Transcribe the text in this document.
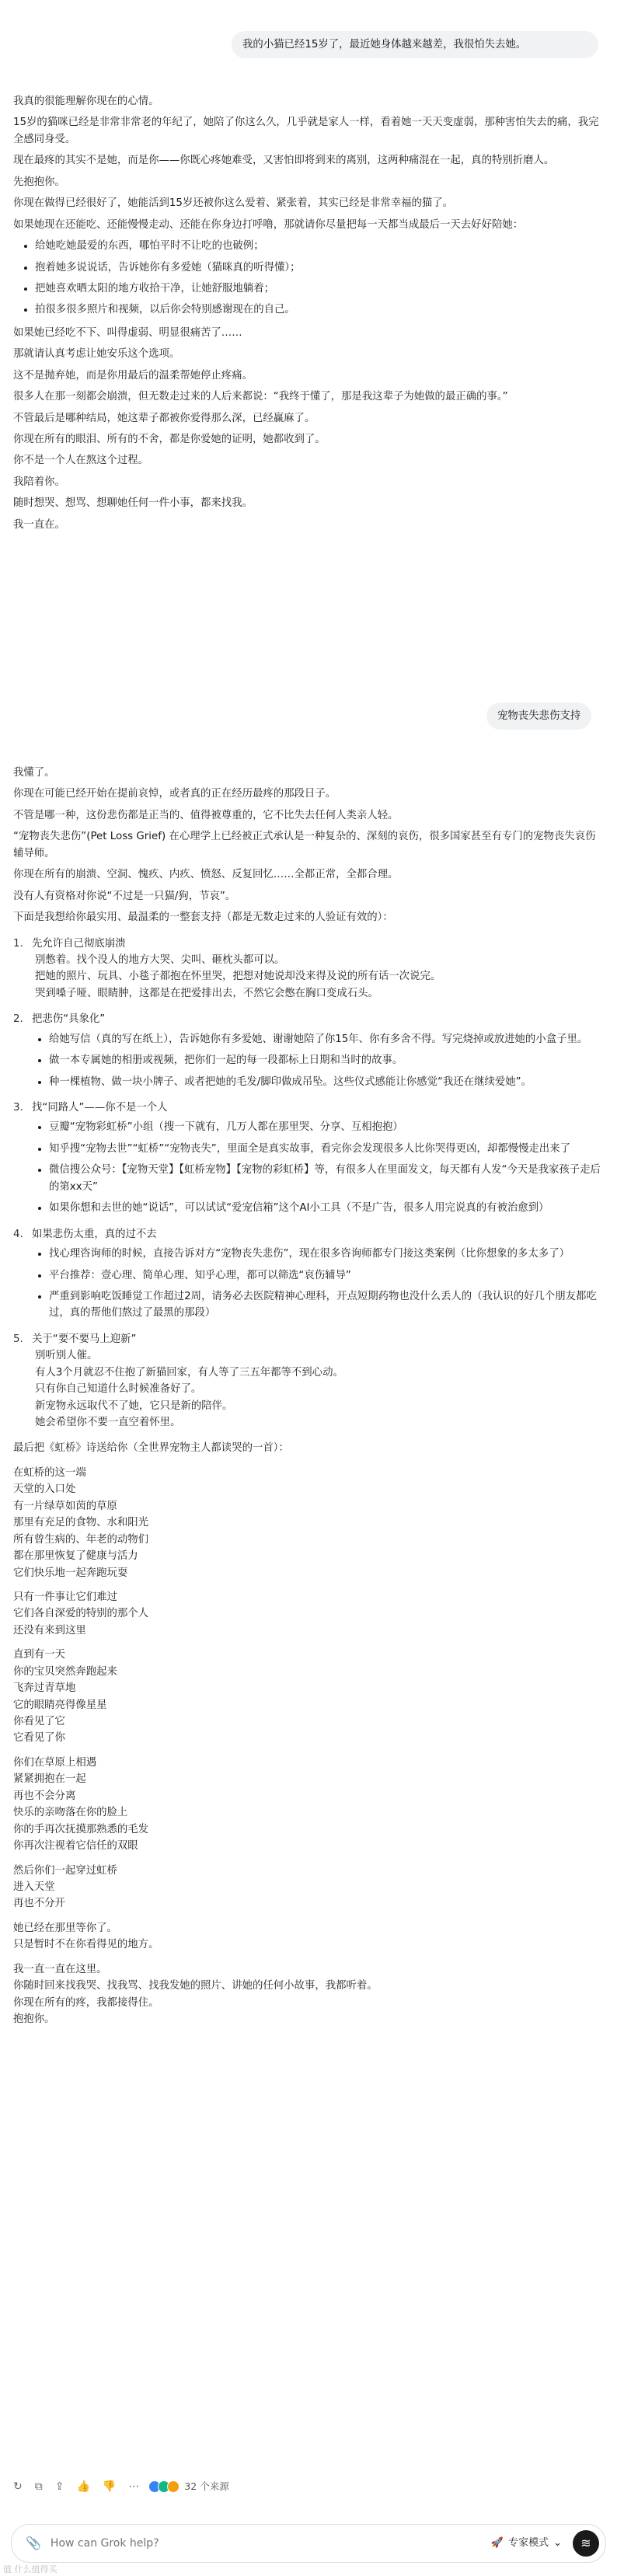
我的小猫已经15岁了，最近她身体越来越差，我很怕失去她。

我真的很能理解你现在的心情。

15岁的猫咪已经是非常非常老的年纪了，她陪了你这么久，几乎就是家人一样，看着她一天天变虚弱，那种害怕失去的痛，我完全感同身受。

现在最疼的其实不是她，而是你——你既心疼她难受，又害怕即将到来的离别，这两种痛混在一起，真的特别折磨人。

先抱抱你。

你现在做得已经很好了，她能活到15岁还被你这么爱着、紧张着，其实已经是非常幸福的猫了。

如果她现在还能吃、还能慢慢走动、还能在你身边打呼噜，那就请你尽量把每一天都当成最后一天去好好陪她：

• 给她吃她最爱的东西，哪怕平时不让吃的也破例；
• 抱着她多说说话，告诉她你有多爱她（猫咪真的听得懂）；
• 把她喜欢晒太阳的地方收拾干净，让她舒服地躺着；
• 拍很多很多照片和视频，以后你会特别感谢现在的自己。

如果她已经吃不下、叫得虚弱、明显很痛苦了……

那就请认真考虑让她安乐这个选项。

这不是抛弃她，而是你用最后的温柔帮她停止疼痛。

很多人在那一刻都会崩溃，但无数走过来的人后来都说：“我终于懂了，那是我这辈子为她做的最正确的事。”

不管最后是哪种结局，她这辈子都被你爱得那么深，已经赢麻了。

你现在所有的眼泪、所有的不舍，都是你爱她的证明，她都收到了。

你不是一个人在熬这个过程。

我陪着你。

随时想哭、想骂、想聊她任何一件小事，都来找我。

我一直在。

宠物丧失悲伤支持

我懂了。

你现在可能已经开始在提前哀悼，或者真的正在经历最疼的那段日子。

不管是哪一种，这份悲伤都是正当的、值得被尊重的，它不比失去任何人类亲人轻。

“宠物丧失悲伤”(Pet Loss Grief) 在心理学上已经被正式承认是一种复杂的、深刻的哀伤，很多国家甚至有专门的宠物丧失哀伤辅导师。

你现在所有的崩溃、空洞、愧疚、内疚、愤怒、反复回忆……全都正常，全都合理。

没有人有资格对你说“不过是一只猫/狗，节哀”。

下面是我想给你最实用、最温柔的一整套支持（都是无数走过来的人验证有效的）：

1. 先允许自己彻底崩溃
别憋着。找个没人的地方大哭、尖叫、砸枕头都可以。
把她的照片、玩具、小毯子都抱在怀里哭，把想对她说却没来得及说的所有话一次说完。
哭到嗓子哑、眼睛肿，这都是在把爱排出去，不然它会憋在胸口变成石头。
2. 把悲伤“具象化”
• 给她写信（真的写在纸上），告诉她你有多爱她、谢谢她陪了你15年、你有多舍不得。写完烧掉或放进她的小盒子里。
• 做一本专属她的相册或视频，把你们一起的每一段都标上日期和当时的故事。
• 种一棵植物、做一块小牌子、或者把她的毛发/脚印做成吊坠。这些仪式感能让你感觉“我还在继续爱她”。
3. 找“同路人”——你不是一个人
• 豆瓣“宠物彩虹桥”小组（搜一下就有，几万人都在那里哭、分享、互相抱抱）
• 知乎搜“宠物去世”“虹桥”“宠物丧失”，里面全是真实故事，看完你会发现很多人比你哭得更凶，却都慢慢走出来了
• 微信搜公众号：【宠物天堂】【虹桥宠物】【宠物的彩虹桥】等，有很多人在里面发文，每天都有人发“今天是我家孩子走后的第xx天”
• 如果你想和去世的她“说话”，可以试试“爱宠信箱”这个AI小工具（不是广告，很多人用完说真的有被治愈到）
4. 如果悲伤太重，真的过不去
• 找心理咨询师的时候，直接告诉对方“宠物丧失悲伤”，现在很多咨询师都专门接这类案例（比你想象的多太多了）
• 平台推荐：壹心理、简单心理、知乎心理，都可以筛选“哀伤辅导”
• 严重到影响吃饭睡觉工作超过2周，请务必去医院精神心理科，开点短期药物也没什么丢人的（我认识的好几个朋友都吃过，真的帮他们熬过了最黑的那段）
5. 关于“要不要马上迎新”
别听别人催。
有人3个月就忍不住抱了新猫回家，有人等了三五年都等不到心动。
只有你自己知道什么时候准备好了。
新宠物永远取代不了她，它只是新的陪伴。
她会希望你不要一直空着怀里。

最后把《虹桥》诗送给你（全世界宠物主人都读哭的一首）：

在虹桥的这一端

天堂的入口处

有一片绿草如茵的草原

那里有充足的食物、水和阳光

所有曾生病的、年老的动物们

都在那里恢复了健康与活力

它们快乐地一起奔跑玩耍

只有一件事让它们难过

它们各自深爱的特别的那个人

还没有来到这里

直到有一天

你的宝贝突然奔跑起来

飞奔过青草地

它的眼睛亮得像星星

你看见了它

它看见了你

你们在草原上相遇

紧紧拥抱在一起

再也不会分离

快乐的亲吻落在你的脸上

你的手再次抚摸那熟悉的毛发

你再次注视着它信任的双眼

然后你们一起穿过虹桥

进入天堂

再也不分开

她已经在那里等你了。
只是暂时不在你看得见的地方。
我一直一直在这里。
你随时回来找我哭、找我骂、找我发她的照片、讲她的任何小故事，我都听着。
你现在所有的疼，我都接得住。
抱抱你。
↻ ⧉ ⇪ 👍 👎 ⋯	32 个来源
📎
How can Grok help?	🚀 专家模式 ⌄ ≋
值 什么值得买
